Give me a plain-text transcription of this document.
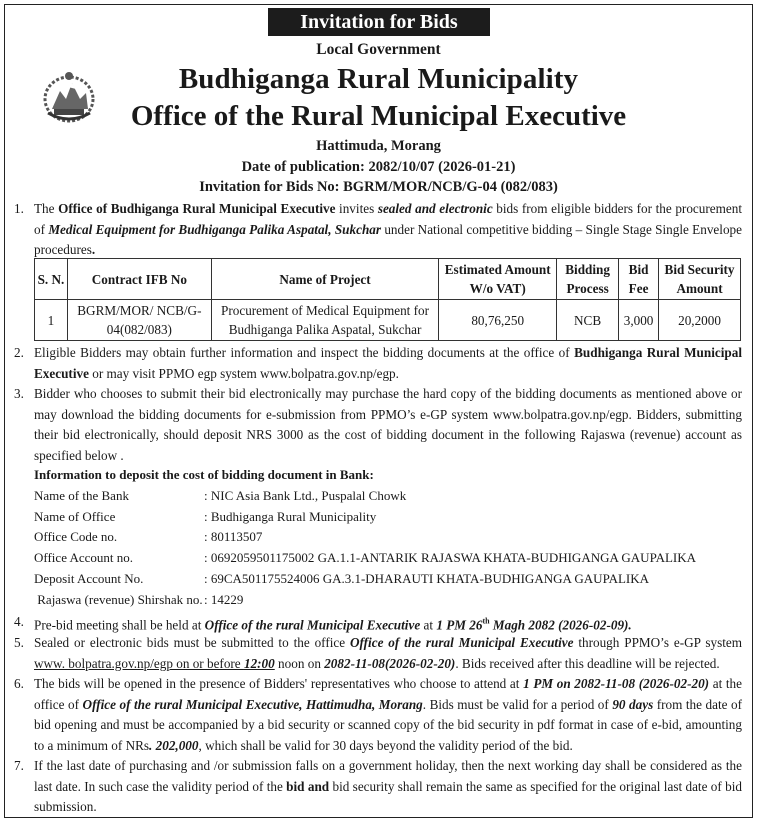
Invitation for Bids
Local Government
Budhiganga Rural Municipality
Office of the Rural Municipal Executive
Hattimuda, Morang
Date of publication: 2082/10/07 (2026-01-21)
Invitation for Bids No: BGRM/MOR/NCB/G-04 (082/083)
1. The Office of Budhiganga Rural Municipal Executive invites sealed and electronic bids from eligible bidders for the procurement of Medical Equipment for Budhiganga Palika Aspatal, Sukchar under National competitive bidding – Single Stage Single Envelope procedures.
S. N.	Contract IFB No	Name of Project	Estimated Amount W/o VAT)	Bidding Process	Bid Fee	Bid Security Amount
1	BGRM/MOR/ NCB/G-04(082/083)	Procurement of Medical Equipment for Budhiganga Palika Aspatal, Sukchar	80,76,250	NCB	3,000	20,2000
2. Eligible Bidders may obtain further information and inspect the bidding documents at the office of Budhiganga Rural Municipal Executive or may visit PPMO egp system www.bolpatra.gov.np/egp.
3. Bidder who chooses to submit their bid electronically may purchase the hard copy of the bidding documents as mentioned above or may download the bidding documents for e-submission from PPMO’s e-GP system www.bolpatra.gov.np/egp. Bidders, submitting their bid electronically, should deposit NRS 3000 as the cost of bidding document in the following Rajaswa (revenue) account as specified below .
Information to deposit the cost of bidding document in Bank:
Name of the Bank	: NIC Asia Bank Ltd., Puspalal Chowk
Name of Office	: Budhiganga Rural Municipality
Office Code no.	: 80113507
Office Account no.	: 0692059501175002 GA.1.1-ANTARIK RAJASWA KHATA-BUDHIGANGA GAUPALIKA
Deposit Account No.	: 69CA501175524006 GA.3.1-DHARAUTI KHATA-BUDHIGANGA GAUPALIKA
Rajaswa (revenue) Shirshak no. : 14229
4. Pre-bid meeting shall be held at Office of the rural Municipal Executive at 1 PM 26th Magh 2082 (2026-02-09).
5. Sealed or electronic bids must be submitted to the office Office of the rural Municipal Executive through PPMO’s e-GP system www. bolpatra.gov.np/egp on or before 12:00 noon on 2082-11-08(2026-02-20). Bids received after this deadline will be rejected.
6. The bids will be opened in the presence of Bidders' representatives who choose to attend at 1 PM on 2082-11-08 (2026-02-20) at the office of Office of the rural Municipal Executive, Hattimudha, Morang. Bids must be valid for a period of 90 days from the date of bid opening and must be accompanied by a bid security or scanned copy of the bid security in pdf format in case of e-bid, amounting to a minimum of NRs. 202,000, which shall be valid for 30 days beyond the validity period of the bid.
7. If the last date of purchasing and /or submission falls on a government holiday, then the next working day shall be considered as the last date. In such case the validity period of the bid and bid security shall remain the same as specified for the original last date of bid submission.
